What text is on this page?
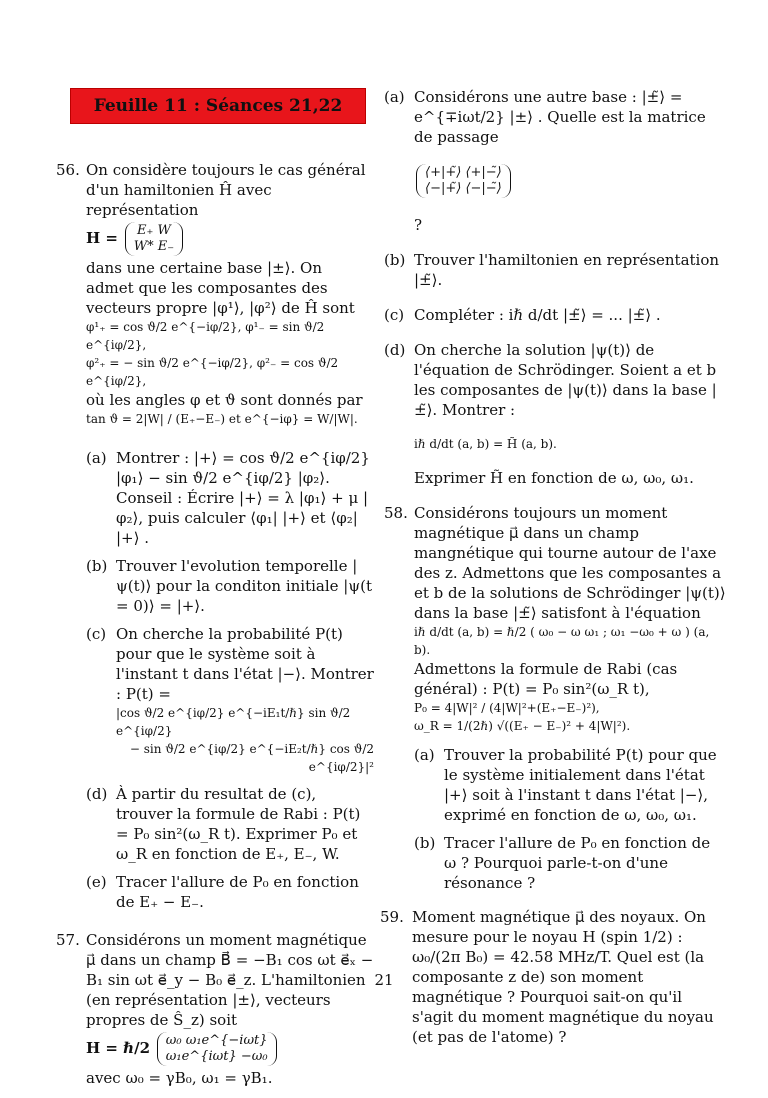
Feuille 11 : Séances 21,22
56. On considère toujours le cas général d'un hamiltonien Ĥ avec représentation

H = E₊ W
W* E₋

dans une certaine base |±⟩. On admet que les composantes des vecteurs propre |φ¹⟩, |φ²⟩ de Ĥ sont

φ¹₊ = cos ϑ/2 e^{−iφ/2}, φ¹₋ = sin ϑ/2 e^{iφ/2},

φ²₊ = − sin ϑ/2 e^{−iφ/2}, φ²₋ = cos ϑ/2 e^{iφ/2},

où les angles φ et ϑ sont donnés par

tan ϑ = 2|W| / (E₊−E₋) et e^{−iφ} = W/|W|.

(a) Montrer : |+⟩ = cos ϑ/2 e^{iφ/2} |φ₁⟩ − sin ϑ/2 e^{iφ/2} |φ₂⟩. Conseil : Écrire |+⟩ = λ |φ₁⟩ + μ |φ₂⟩, puis calculer ⟨φ₁| |+⟩ et ⟨φ₂| |+⟩ .

(b) Trouver l'evolution temporelle |ψ(t)⟩ pour la conditon initiale |ψ(t = 0)⟩ = |+⟩.

(c) On cherche la probabilité P(t) pour que le système soit à l'instant t dans l'état |−⟩. Montrer : P(t) =

|cos ϑ/2 e^{iφ/2} e^{−iE₁t/ℏ} sin ϑ/2 e^{iφ/2}

− sin ϑ/2 e^{iφ/2} e^{−iE₂t/ℏ} cos ϑ/2 e^{iφ/2}|²

(d) À partir du resultat de (c), trouver la formule de Rabi : P(t) = P₀ sin²(ω_R t). Exprimer P₀ et ω_R en fonction de E₊, E₋, W.

(e) Tracer l'allure de P₀ en fonction de E₊ − E₋.

57. Considérons un moment magnétique μ⃗ dans un champ B⃗ = −B₁ cos ωt e⃗ₓ − B₁ sin ωt e⃗_y − B₀ e⃗_z. L'hamiltonien (en représentation |±⟩, vecteurs propres de Ŝ_z) soit

H = ℏ/2 ω₀ ω₁e^{−iωt}
ω₁e^{iωt} −ω₀

avec ω₀ = γB₀, ω₁ = γB₁.

(a) Considérons une autre base : |±̃⟩ = e^{∓iωt/2} |±⟩ . Quelle est la matrice de passage

⟨+|+̃⟩ ⟨+|−̃⟩
⟨−|+̃⟩ ⟨−|−̃⟩

?

(b) Trouver l'hamiltonien en représentation |±̃⟩.

(c) Compléter : iℏ d/dt |±̃⟩ = ... |±̃⟩ .

(d) On cherche la solution |ψ(t)⟩ de l'équation de Schrödinger. Soient a et b les composantes de |ψ(t)⟩ dans la base |±̃⟩. Montrer :

iℏ d/dt (a, b) = H̃ (a, b).

Exprimer H̃ en fonction de ω, ω₀, ω₁.

58. Considérons toujours un moment magnétique μ⃗ dans un champ mangnétique qui tourne autour de l'axe des z. Admettons que les composantes a et b de la solutions de Schrödinger |ψ(t)⟩ dans la base |±̃⟩ satisfont à l'équation

iℏ d/dt (a, b) = ℏ/2 ( ω₀ − ω ω₁ ; ω₁ −ω₀ + ω ) (a, b).

Admettons la formule de Rabi (cas général) : P(t) = P₀ sin²(ω_R t),

P₀ = 4|W|² / (4|W|²+(E₊−E₋)²),

ω_R = 1/(2ℏ) √((E₊ − E₋)² + 4|W|²).

(a) Trouver la probabilité P(t) pour que le système initialement dans l'état |+⟩ soit à l'instant t dans l'état |−⟩, exprimé en fonction de ω, ω₀, ω₁.

(b) Tracer l'allure de P₀ en fonction de ω ? Pourquoi parle-t-on d'une résonance ?

59. Moment magnétique μ⃗ des noyaux. On mesure pour le noyau H (spin 1/2) : ω₀/(2π B₀) = 42.58 MHz/T. Quel est (la composante z de) son moment magnétique ? Pourquoi sait-on qu'il s'agit du moment magnétique du noyau (et pas de l'atome) ?

21
